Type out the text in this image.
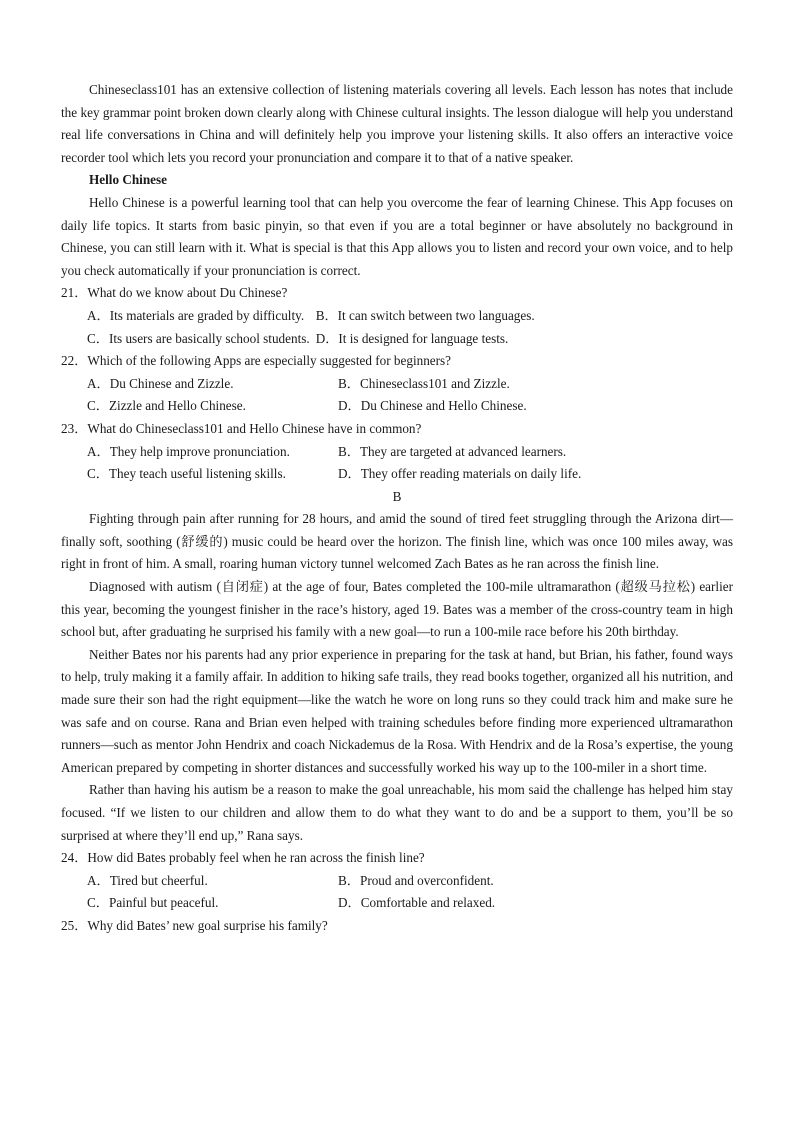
Chineseclass101 has an extensive collection of listening materials covering all levels. Each lesson has notes that include the key grammar point broken down clearly along with Chinese cultural insights. The lesson dialogue will help you understand real life conversations in China and will definitely help you improve your listening skills. It also offers an interactive voice recorder tool which lets you record your pronunciation and compare it to that of a native speaker.

Hello Chinese

Hello Chinese is a powerful learning tool that can help you overcome the fear of learning Chinese. This App focuses on daily life topics. It starts from basic pinyin, so that even if you are a total beginner or have absolutely no background in Chinese, you can still learn with it. What is special is that this App allows you to listen and record your own voice, and to help you check automatically if your pronunciation is correct.

21．What do we know about Du Chinese?

A．Its materials are graded by difficulty. B．It can switch between two languages.
C．Its users are basically school students. D．It is designed for language tests.

22．Which of the following Apps are especially suggested for beginners?

A．Du Chinese and Zizzle.	B．Chineseclass101 and Zizzle.
C．Zizzle and Hello Chinese.	D．Du Chinese and Hello Chinese.

23．What do Chineseclass101 and Hello Chinese have in common?

A．They help improve pronunciation.	B．They are targeted at advanced learners.
C．They teach useful listening skills.	D．They offer reading materials on daily life.

B

Fighting through pain after running for 28 hours, and amid the sound of tired feet struggling through the Arizona dirt—finally soft, soothing (舒缓的) music could be heard over the horizon. The finish line, which was once 100 miles away, was right in front of him. A small, roaring human victory tunnel welcomed Zach Bates as he ran across the finish line.

Diagnosed with autism (自闭症) at the age of four, Bates completed the 100-mile ultramarathon (超级马拉松) earlier this year, becoming the youngest finisher in the race’s history, aged 19. Bates was a member of the cross-country team in high school but, after graduating he surprised his family with a new goal—to run a 100-mile race before his 20th birthday.

Neither Bates nor his parents had any prior experience in preparing for the task at hand, but Brian, his father, found ways to help, truly making it a family affair. In addition to hiking safe trails, they read books together, organized all his nutrition, and made sure their son had the right equipment—like the watch he wore on long runs so they could track him and make sure he was safe and on course. Rana and Brian even helped with training schedules before finding more experienced ultramarathon runners—such as mentor John Hendrix and coach Nickademus de la Rosa. With Hendrix and de la Rosa’s expertise, the young American prepared by competing in shorter distances and successfully worked his way up to the 100-miler in a short time.

Rather than having his autism be a reason to make the goal unreachable, his mom said the challenge has helped him stay focused. “If we listen to our children and allow them to do what they want to do and be a support to them, you’ll be so surprised at where they’ll end up,” Rana says.

24．How did Bates probably feel when he ran across the finish line?

A．Tired but cheerful.	B．Proud and overconfident.
C．Painful but peaceful.	D．Comfortable and relaxed.

25．Why did Bates’ new goal surprise his family?
